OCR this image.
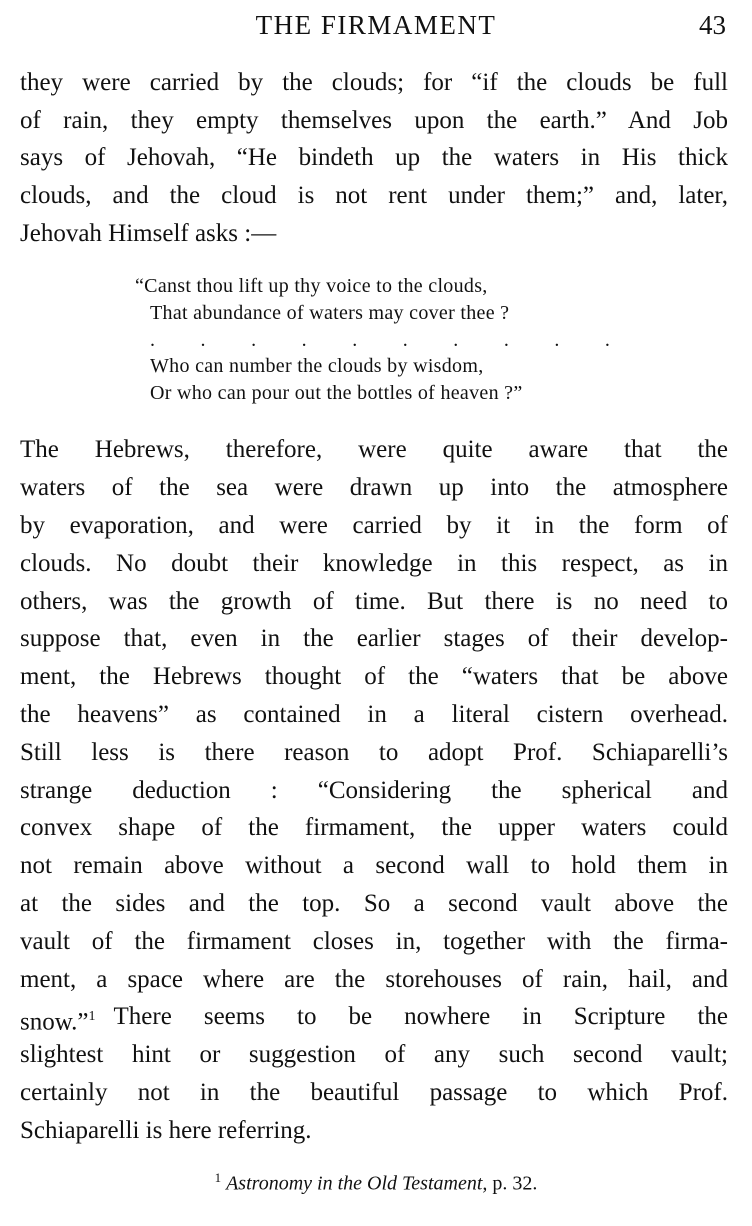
THE FIRMAMENT	43
they were carried by the clouds; for “if the clouds be full
of rain, they empty themselves upon the earth.” And Job
says of Jehovah, “He bindeth up the waters in His thick
clouds, and the cloud is not rent under them;” and, later,
Jehovah Himself asks :—
“Canst thou lift up thy voice to the clouds,
That abundance of waters may cover thee ?
. . . . . . . . . .
Who can number the clouds by wisdom,
Or who can pour out the bottles of heaven ?”
The Hebrews, therefore, were quite aware that the
waters of the sea were drawn up into the atmosphere
by evaporation, and were carried by it in the form of
clouds. No doubt their knowledge in this respect, as in
others, was the growth of time. But there is no need to
suppose that, even in the earlier stages of their develop-
ment, the Hebrews thought of the “waters that be above
the heavens” as contained in a literal cistern overhead.
Still less is there reason to adopt Prof. Schiaparelli’s
strange deduction : “Considering the spherical and
convex shape of the firmament, the upper waters could
not remain above without a second wall to hold them in
at the sides and the top. So a second vault above the
vault of the firmament closes in, together with the firma-
ment, a space where are the storehouses of rain, hail, and
snow.”$^1$ There seems to be nowhere in Scripture the
slightest hint or suggestion of any such second vault;
certainly not in the beautiful passage to which Prof.
Schiaparelli is here referring.
$^1$ Astronomy in the Old Testament, p. 32.
